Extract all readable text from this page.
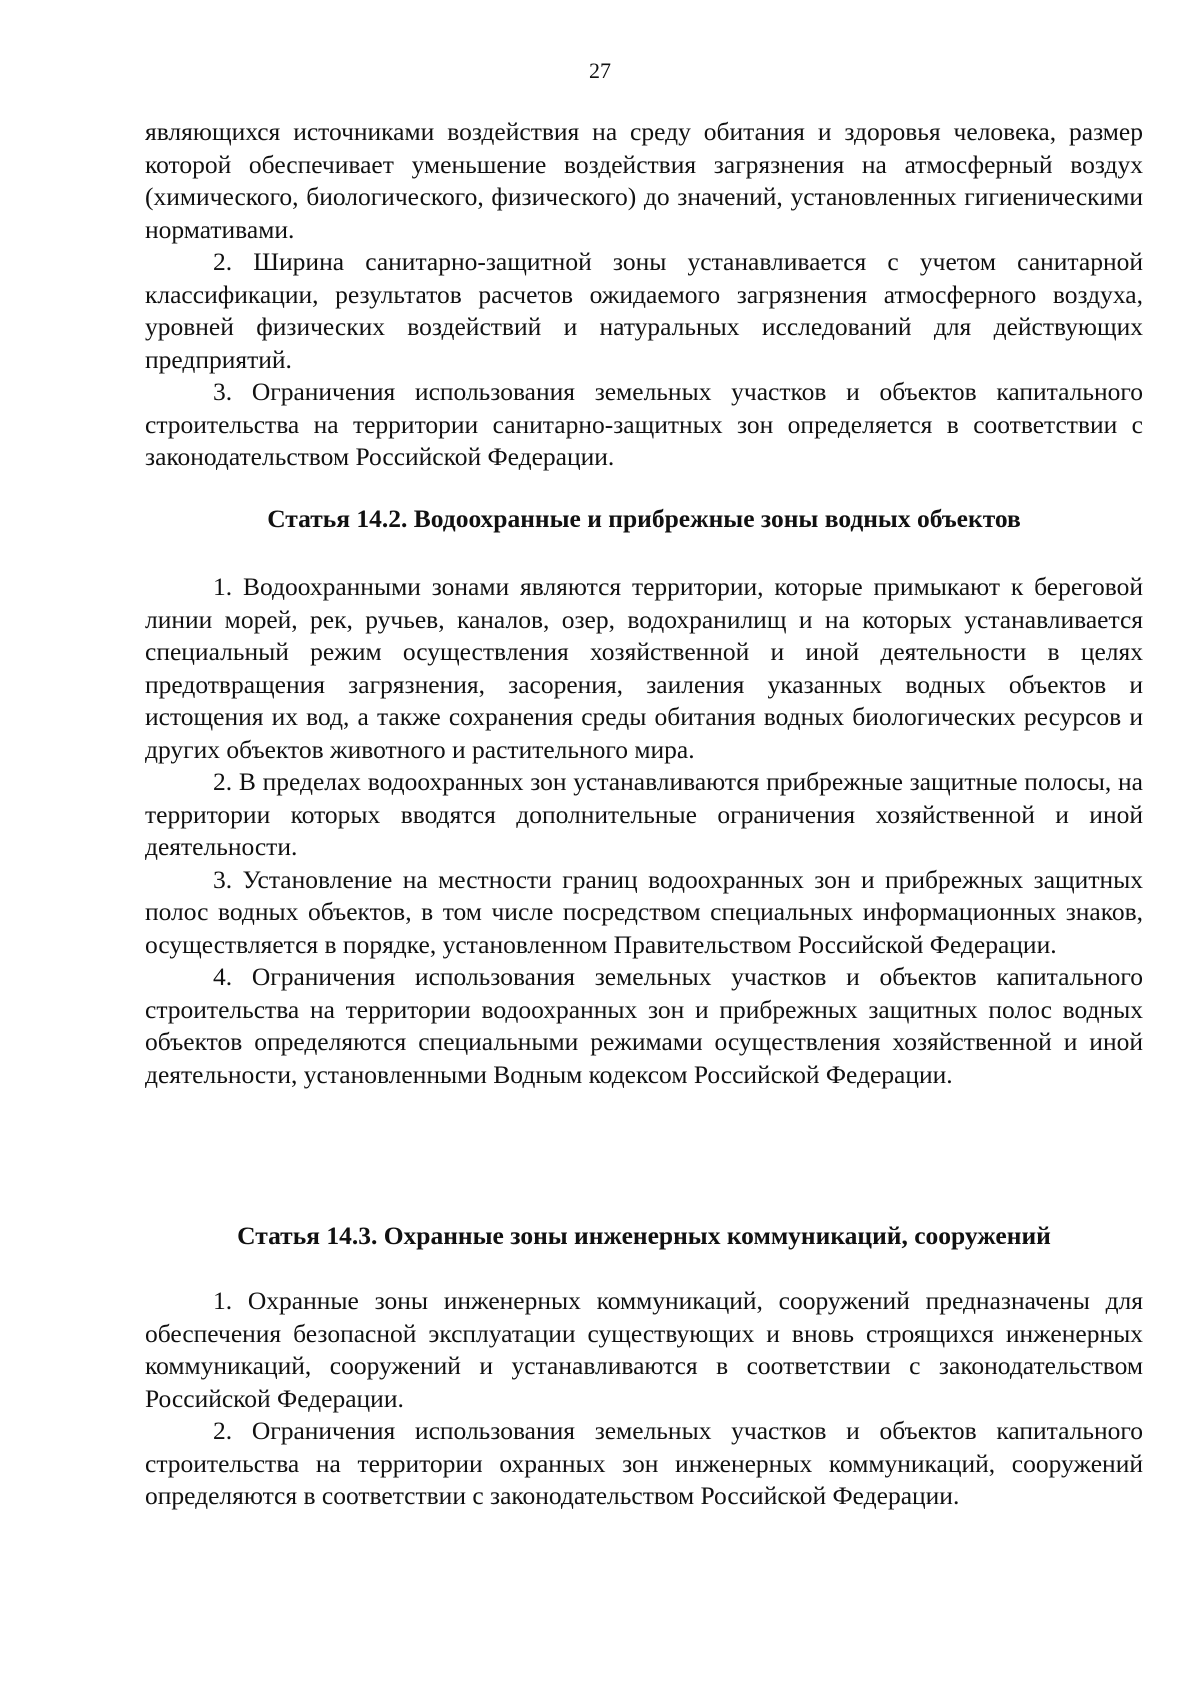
27

являющихся источниками воздействия на среду обитания и здоровья человека, размер которой обеспечивает уменьшение воздействия загрязнения на атмосферный воздух (химического, биологического, физического) до значений, установленных гигиеническими нормативами.

2. Ширина санитарно-защитной зоны устанавливается с учетом санитарной классификации, результатов расчетов ожидаемого загрязнения атмосферного воздуха, уровней физических воздействий и натуральных исследований для действующих предприятий.

3. Ограничения использования земельных участков и объектов капитального строительства на территории санитарно-защитных зон определяется в соответствии с законодательством Российской Федерации.

Статья 14.2. Водоохранные и прибрежные зоны водных объектов

1. Водоохранными зонами являются территории, которые примыкают к береговой линии морей, рек, ручьев, каналов, озер, водохранилищ и на которых устанавливается специальный режим осуществления хозяйственной и иной деятельности в целях предотвращения загрязнения, засорения, заиления указанных водных объектов и истощения их вод, а также сохранения среды обитания водных биологических ресурсов и других объектов животного и растительного мира.

2. В пределах водоохранных зон устанавливаются прибрежные защитные полосы, на территории которых вводятся дополнительные ограничения хозяйственной и иной деятельности.

3. Установление на местности границ водоохранных зон и прибрежных защитных полос водных объектов, в том числе посредством специальных информационных знаков, осуществляется в порядке, установленном Правительством Российской Федерации.

4. Ограничения использования земельных участков и объектов капитального строительства на территории водоохранных зон и прибрежных защитных полос водных объектов определяются специальными режимами осуществления хозяйственной и иной деятельности, установленными Водным кодексом Российской Федерации.

Статья 14.3. Охранные зоны инженерных коммуникаций, сооружений

1. Охранные зоны инженерных коммуникаций, сооружений предназначены для обеспечения безопасной эксплуатации существующих и вновь строящихся инженерных коммуникаций, сооружений и устанавливаются в соответствии с законодательством Российской Федерации.

2. Ограничения использования земельных участков и объектов капитального строительства на территории охранных зон инженерных коммуникаций, сооружений определяются в соответствии с законодательством Российской Федерации.
